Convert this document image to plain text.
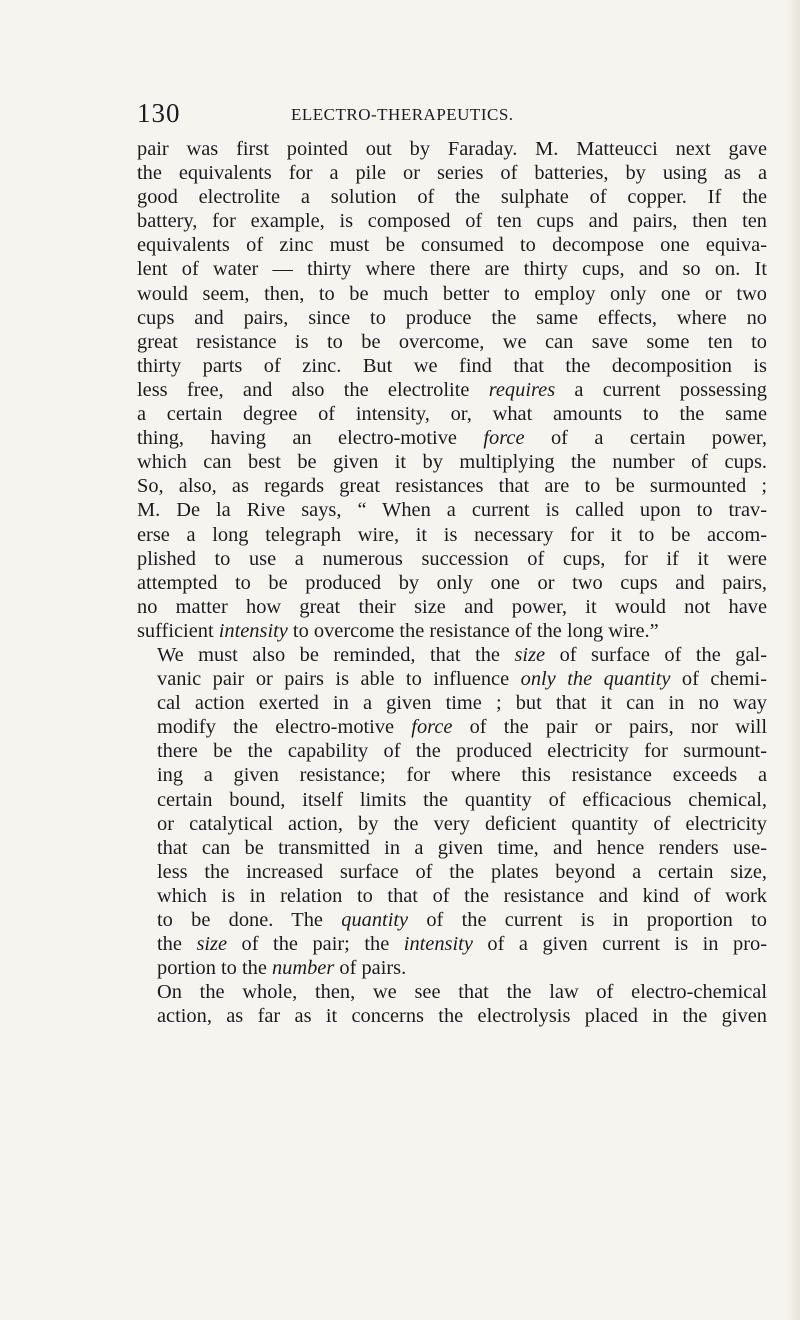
130	ELECTRO-THERAPEUTICS.
pair was first pointed out by Faraday. M. Matteucci next gave
the equivalents for a pile or series of batteries, by using as a
good electrolite a solution of the sulphate of copper. If the
battery, for example, is composed of ten cups and pairs, then ten
equivalents of zinc must be consumed to decompose one equiva-
lent of water — thirty where there are thirty cups, and so on. It
would seem, then, to be much better to employ only one or two
cups and pairs, since to produce the same effects, where no
great resistance is to be overcome, we can save some ten to
thirty parts of zinc. But we find that the decomposition is
less free, and also the electrolite requires a current possessing
a certain degree of intensity, or, what amounts to the same
thing, having an electro-motive force of a certain power,
which can best be given it by multiplying the number of cups.
So, also, as regards great resistances that are to be surmounted ;
M. De la Rive says, “ When a current is called upon to trav-
erse a long telegraph wire, it is necessary for it to be accom-
plished to use a numerous succession of cups, for if it were
attempted to be produced by only one or two cups and pairs,
no matter how great their size and power, it would not have
sufficient intensity to overcome the resistance of the long wire.”
We must also be reminded, that the size of surface of the gal-
vanic pair or pairs is able to influence only the quantity of chemi-
cal action exerted in a given time ; but that it can in no way
modify the electro-motive force of the pair or pairs, nor will
there be the capability of the produced electricity for surmount-
ing a given resistance; for where this resistance exceeds a
certain bound, itself limits the quantity of efficacious chemical,
or catalytical action, by the very deficient quantity of electricity
that can be transmitted in a given time, and hence renders use-
less the increased surface of the plates beyond a certain size,
which is in relation to that of the resistance and kind of work
to be done. The quantity of the current is in proportion to
the size of the pair; the intensity of a given current is in pro-
portion to the number of pairs.
On the whole, then, we see that the law of electro-chemical
action, as far as it concerns the electrolysis placed in the given
